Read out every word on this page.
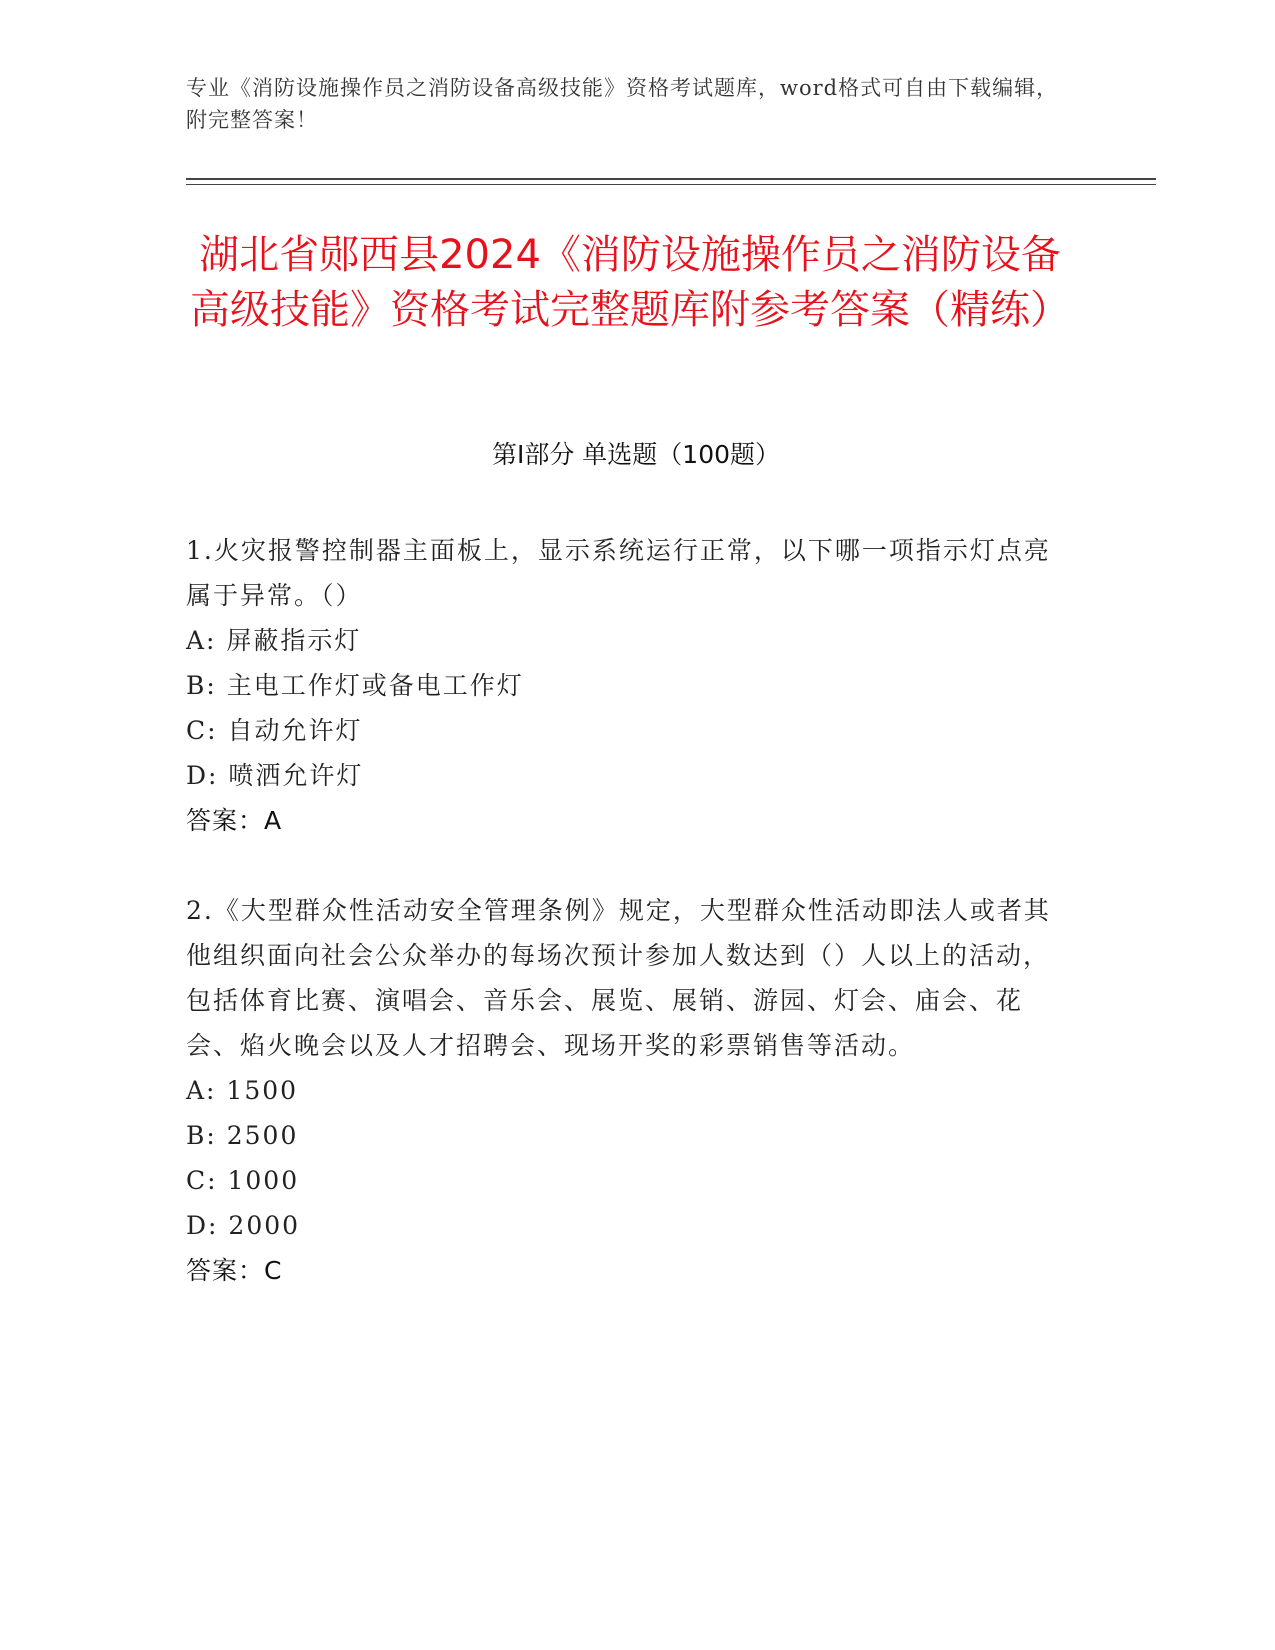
专业《消防设施操作员之消防设备高级技能》资格考试题库，word格式可自由下载编辑，附完整答案！
湖北省郧西县2024《消防设施操作员之消防设备高级技能》资格考试完整题库附参考答案（精练）
第I部分 单选题（100题）

1.火灾报警控制器主面板上，显示系统运行正常，以下哪一项指示灯点亮属于异常。（）

A: 屏蔽指示灯

B: 主电工作灯或备电工作灯

C: 自动允许灯

D: 喷洒允许灯

答案：A

2.《大型群众性活动安全管理条例》规定，大型群众性活动即法人或者其他组织面向社会公众举办的每场次预计参加人数达到（）人以上的活动，包括体育比赛、演唱会、音乐会、展览、展销、游园、灯会、庙会、花会、焰火晚会以及人才招聘会、现场开奖的彩票销售等活动。

A: 1500

B: 2500

C: 1000

D: 2000

答案：C
